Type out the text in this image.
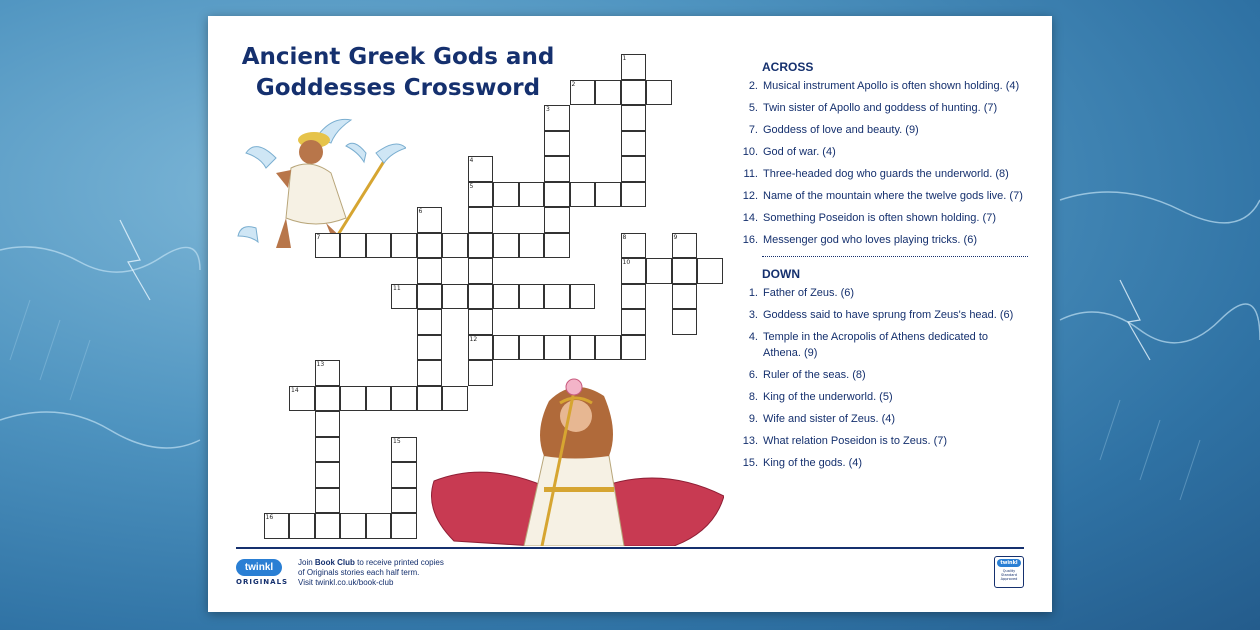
Ancient Greek Gods and
Goddesses Crossword
1
2
3
4
5
12
6
7	8
10
9
11
13
14
15
16
ACROSS
2. Musical instrument Apollo is often shown holding. (4)
5. Twin sister of Apollo and goddess of hunting. (7)
7. Goddess of love and beauty. (9)
10. God of war. (4)
11. Three-headed dog who guards the underworld. (8)
12. Name of the mountain where the twelve gods live. (7)
14. Something Poseidon is often shown holding. (7)
16. Messenger god who loves playing tricks. (6)
DOWN
1. Father of Zeus. (6)
3. Goddess said to have sprung from Zeus's head. (6)
4. Temple in the Acropolis of Athens dedicated to Athena. (9)
6. Ruler of the seas. (8)
8. King of the underworld. (5)
9. Wife and sister of Zeus. (4)
13. What relation Poseidon is to Zeus. (7)
15. King of the gods. (4)
twinkl
ORIGINALS
Join Book Club to receive printed copies
of Originals stories each half term.
Visit twinkl.co.uk/book-club
twinkl
Quality Standard Approved
